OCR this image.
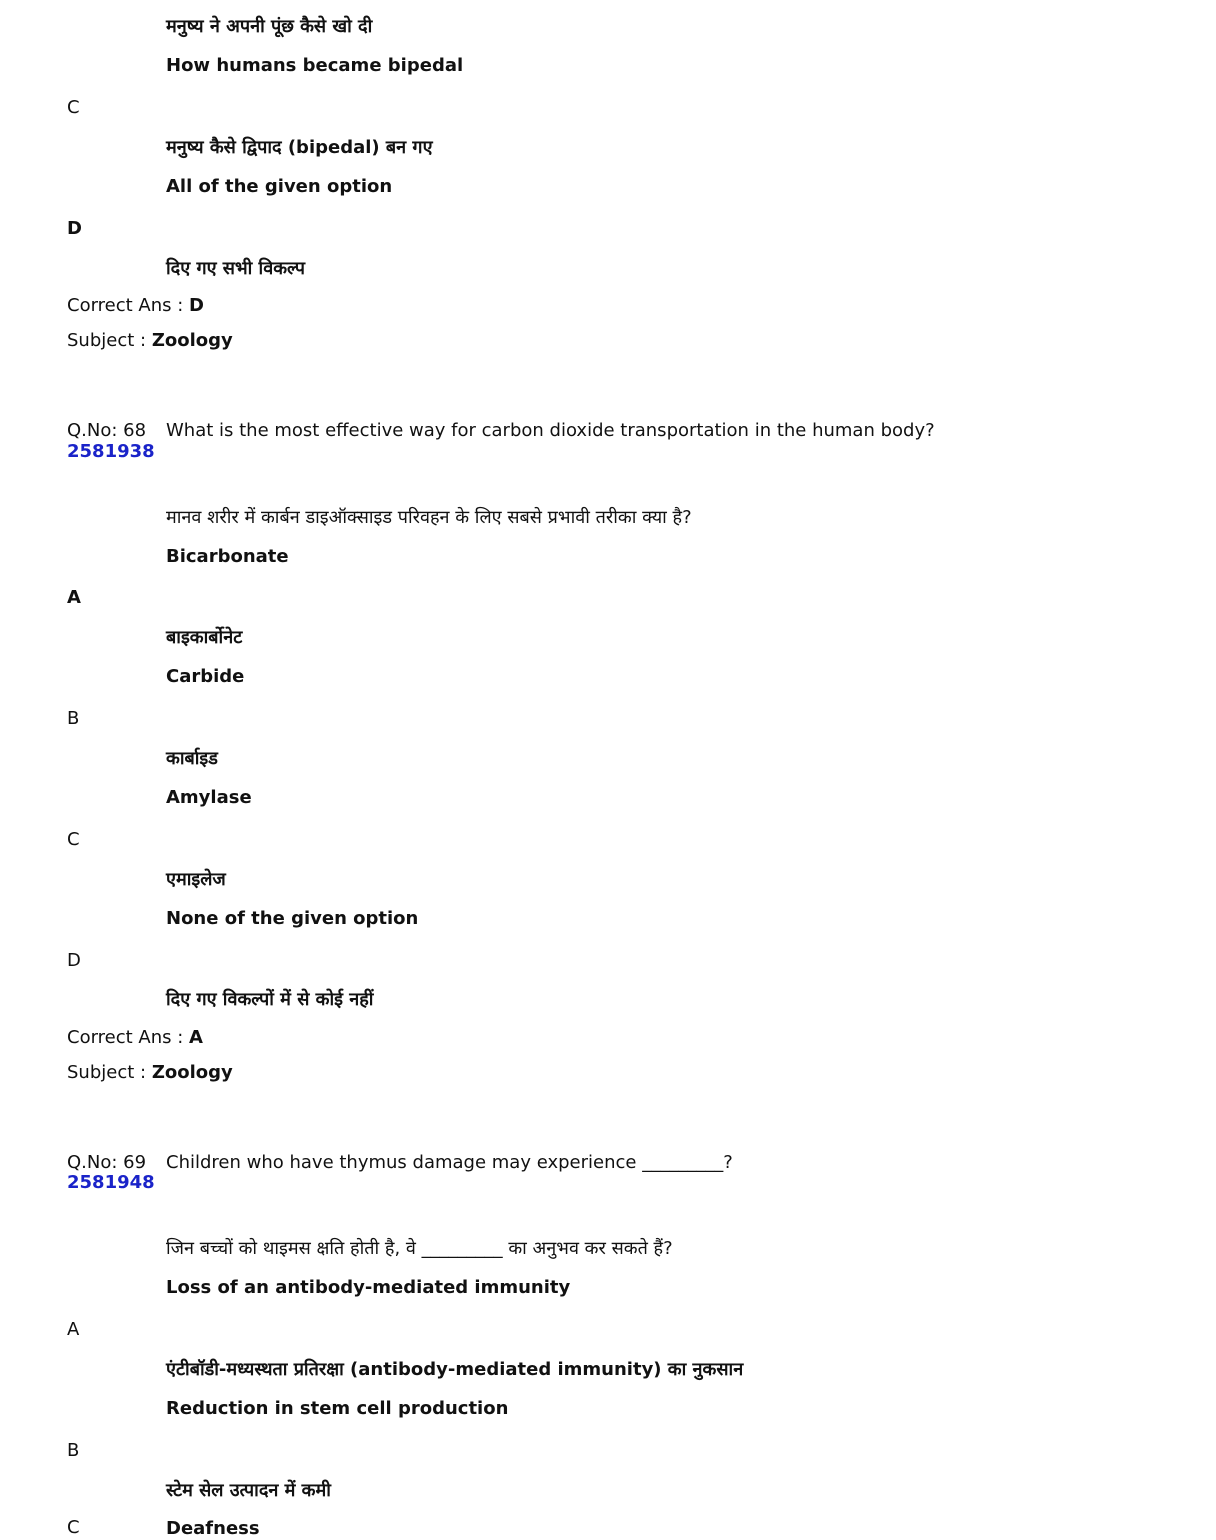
मनुष्य ने अपनी पूंछ कैसे खो दी
How humans became bipedal
C
मनुष्य कैसे द्विपाद (bipedal) बन गए
All of the given option
D
दिए गए सभी विकल्प
Correct Ans : D
Subject : Zoology
Q.No: 68 What is the most effective way for carbon dioxide transportation in the human body?
2581938
मानव शरीर में कार्बन डाइऑक्साइड परिवहन के लिए सबसे प्रभावी तरीका क्या है?
Bicarbonate
A
बाइकार्बोनेट
Carbide
B
कार्बाइड
Amylase
C
एमाइलेज
None of the given option
D
दिए गए विकल्पों में से कोई नहीं
Correct Ans : A
Subject : Zoology
Q.No: 69 Children who have thymus damage may experience _________?
2581948
जिन बच्चों को थाइमस क्षति होती है, वे _________ का अनुभव कर सकते हैं?
Loss of an antibody-mediated immunity
A
एंटीबॉडी-मध्यस्थता प्रतिरक्षा (antibody-mediated immunity) का नुकसान
Reduction in stem cell production
B
स्टेम सेल उत्पादन में कमी
C	Deafness
